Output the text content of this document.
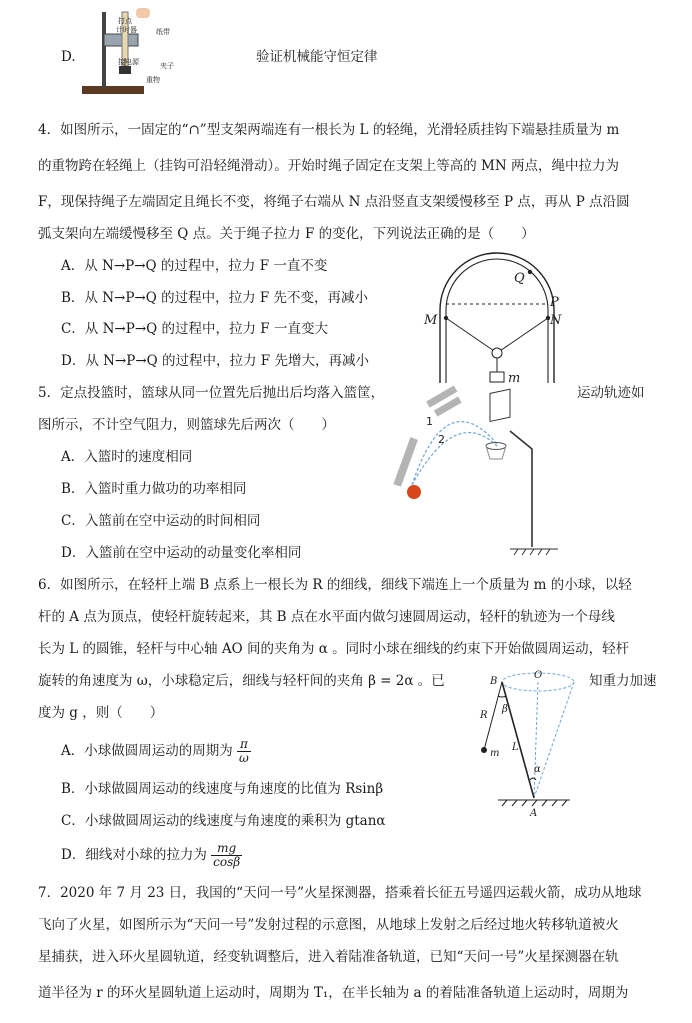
打点
计时器	纸带
夹子
接电源
重物
D.	验证机械能守恒定律
4．如图所示，一固定的“∩”型支架两端连有一根长为 L 的轻绳，光滑轻质挂钩下端悬挂质量为 m
的重物跨在轻绳上（挂钩可沿轻绳滑动）。开始时绳子固定在支架上等高的 MN 两点，绳中拉力为
F，现保持绳子左端固定且绳长不变，将绳子右端从 N 点沿竖直支架缓慢移至 P 点，再从 P 点沿圆
弧支架向左端缓慢移至 Q 点。关于绳子拉力 F 的变化，下列说法正确的是（　　）
A．从 N→P→Q 的过程中，拉力 F 一直不变
B．从 N→P→Q 的过程中，拉力 F 先不变，再减小
C．从 N→P→Q 的过程中，拉力 F 一直变大
D．从 N→P→Q 的过程中，拉力 F 先增大，再减小
Q
P
M	N
m
5．定点投篮时，篮球从同一位置先后抛出后均落入篮筐，	运动轨迹如
图所示，不计空气阻力，则篮球先后两次（　　）
A．入篮时的速度相同
B．入篮时重力做功的功率相同
C．入篮前在空中运动的时间相同
D．入篮前在空中运动的动量变化率相同
1
2
6．如图所示，在轻杆上端 B 点系上一根长为 R 的细线，细线下端连上一个质量为 m 的小球，以轻
杆的 A 点为顶点，使轻杆旋转起来，其 B 点在水平面内做匀速圆周运动，轻杆的轨迹为一个母线
长为 L 的圆锥，轻杆与中心轴 AO 间的夹角为 α 。同时小球在细线的约束下开始做圆周运动，轻杆
旋转的角速度为 ω，小球稳定后，细线与轻杆间的夹角 β = 2α 。已	知重力加速
度为 g ，则（　　）
A．小球做圆周运动的周期为 $\frac{\pi}{\omega}$
B．小球做圆周运动的线速度与角速度的比值为 Rsinβ
C．小球做圆周运动的线速度与角速度的乘积为 gtanα
D．细线对小球的拉力为 $\frac{mg}{\cos\beta}$
B
O
R
β
m
L
α
A
7．2020 年 7 月 23 日，我国的“天问一号”火星探测器，搭乘着长征五号遥四运载火箭，成功从地球
飞向了火星，如图所示为“天问一号”发射过程的示意图，从地球上发射之后经过地火转移轨道被火
星捕获，进入环火星圆轨道，经变轨调整后，进入着陆准备轨道，已知“天问一号”火星探测器在轨
道半径为 r 的环火星圆轨道上运动时，周期为 T₁，在半长轴为 a 的着陆准备轨道上运动时，周期为
